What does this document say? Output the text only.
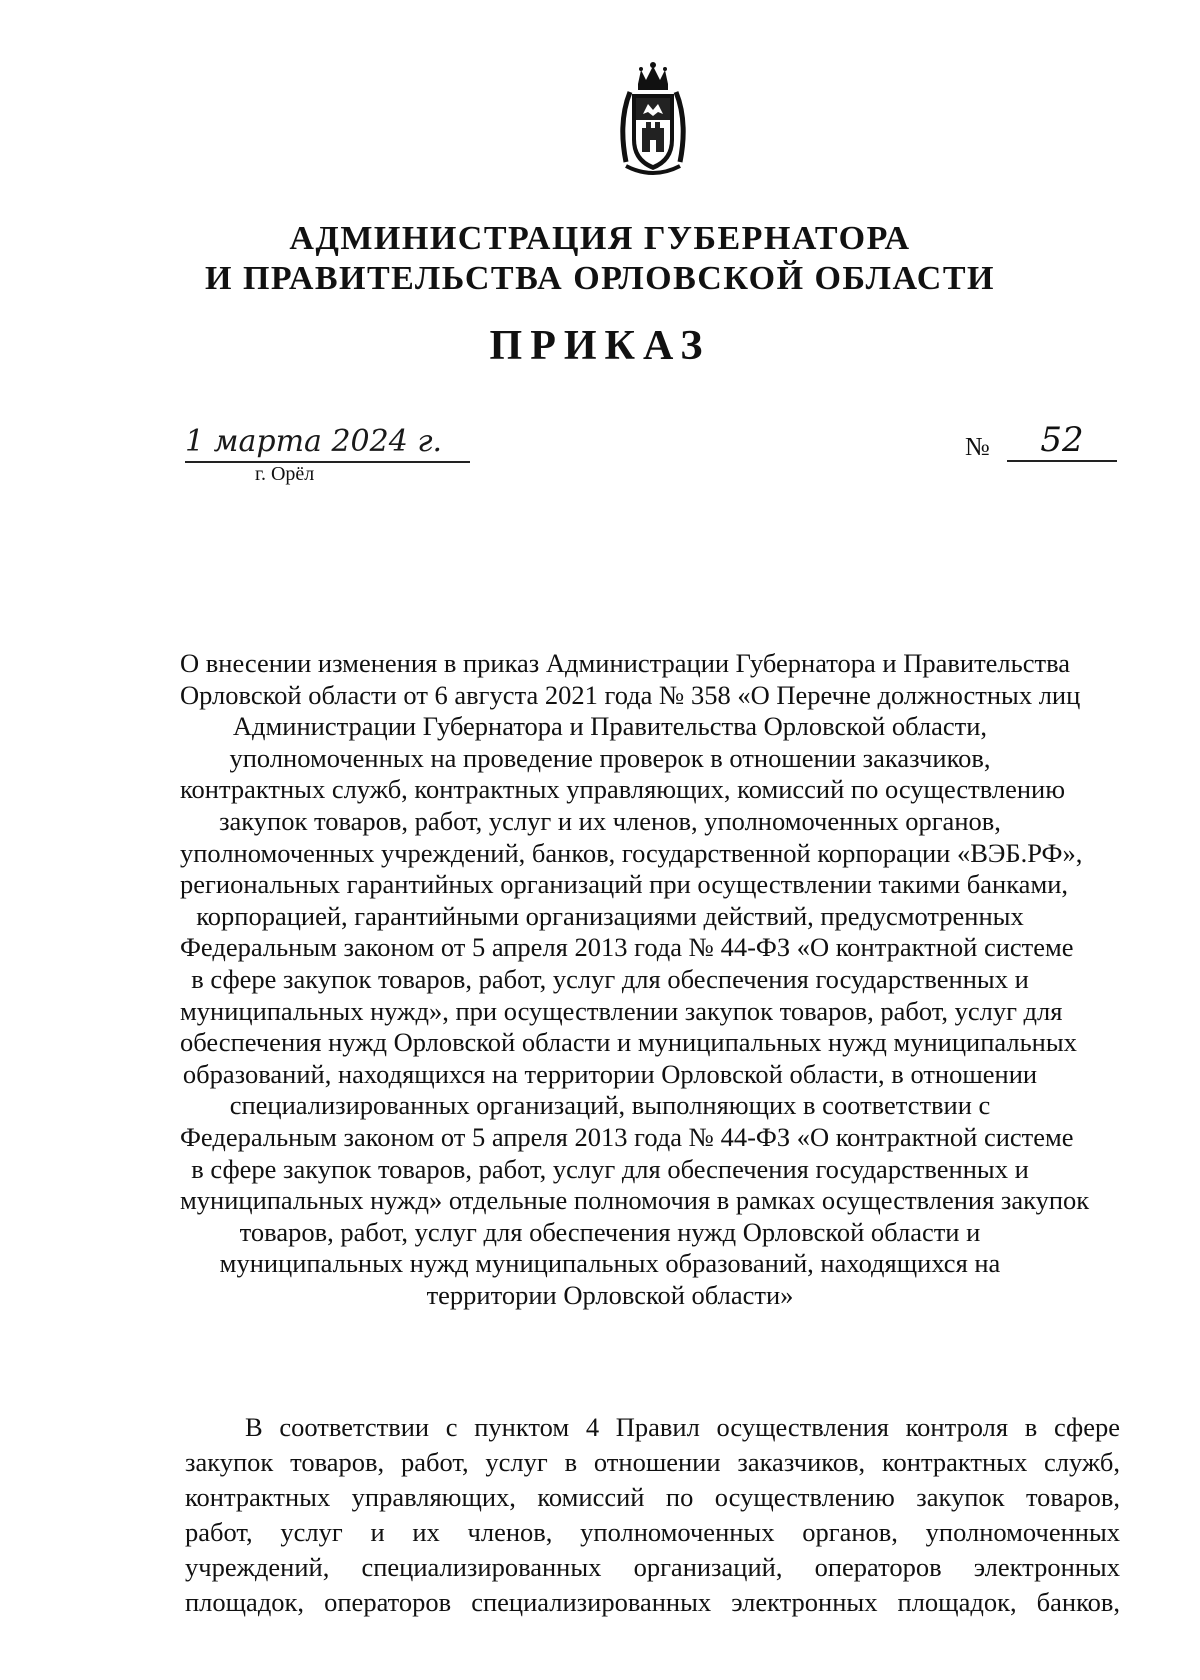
АДМИНИСТРАЦИЯ ГУБЕРНАТОРА
И ПРАВИТЕЛЬСТВА ОРЛОВСКОЙ ОБЛАСТИ
ПРИКАЗ
1 марта 2024 г.
г. Орёл
№	52
О внесении изменения в приказ Администрации Губернатора и Правительства
Орловской области от 6 августа 2021 года № 358 «О Перечне должностных лиц
Администрации Губернатора и Правительства Орловской области,
уполномоченных на проведение проверок в отношении заказчиков,
контрактных служб, контрактных управляющих, комиссий по осуществлению
закупок товаров, работ, услуг и их членов, уполномоченных органов,
уполномоченных учреждений, банков, государственной корпорации «ВЭБ.РФ»,
региональных гарантийных организаций при осуществлении такими банками,
корпорацией, гарантийными организациями действий, предусмотренных
Федеральным законом от 5 апреля 2013 года № 44-ФЗ «О контрактной системе
в сфере закупок товаров, работ, услуг для обеспечения государственных и
муниципальных нужд», при осуществлении закупок товаров, работ, услуг для
обеспечения нужд Орловской области и муниципальных нужд муниципальных
образований, находящихся на территории Орловской области, в отношении
специализированных организаций, выполняющих в соответствии с
Федеральным законом от 5 апреля 2013 года № 44-ФЗ «О контрактной системе
в сфере закупок товаров, работ, услуг для обеспечения государственных и
муниципальных нужд» отдельные полномочия в рамках осуществления закупок
товаров, работ, услуг для обеспечения нужд Орловской области и
муниципальных нужд муниципальных образований, находящихся на
территории Орловской области»
В соответствии с пунктом 4 Правил осуществления контроля в сфере
закупок товаров, работ, услуг в отношении заказчиков, контрактных служб,
контрактных управляющих, комиссий по осуществлению закупок товаров,
работ, услуг и их членов, уполномоченных органов, уполномоченных
учреждений, специализированных организаций, операторов электронных
площадок, операторов специализированных электронных площадок, банков,
